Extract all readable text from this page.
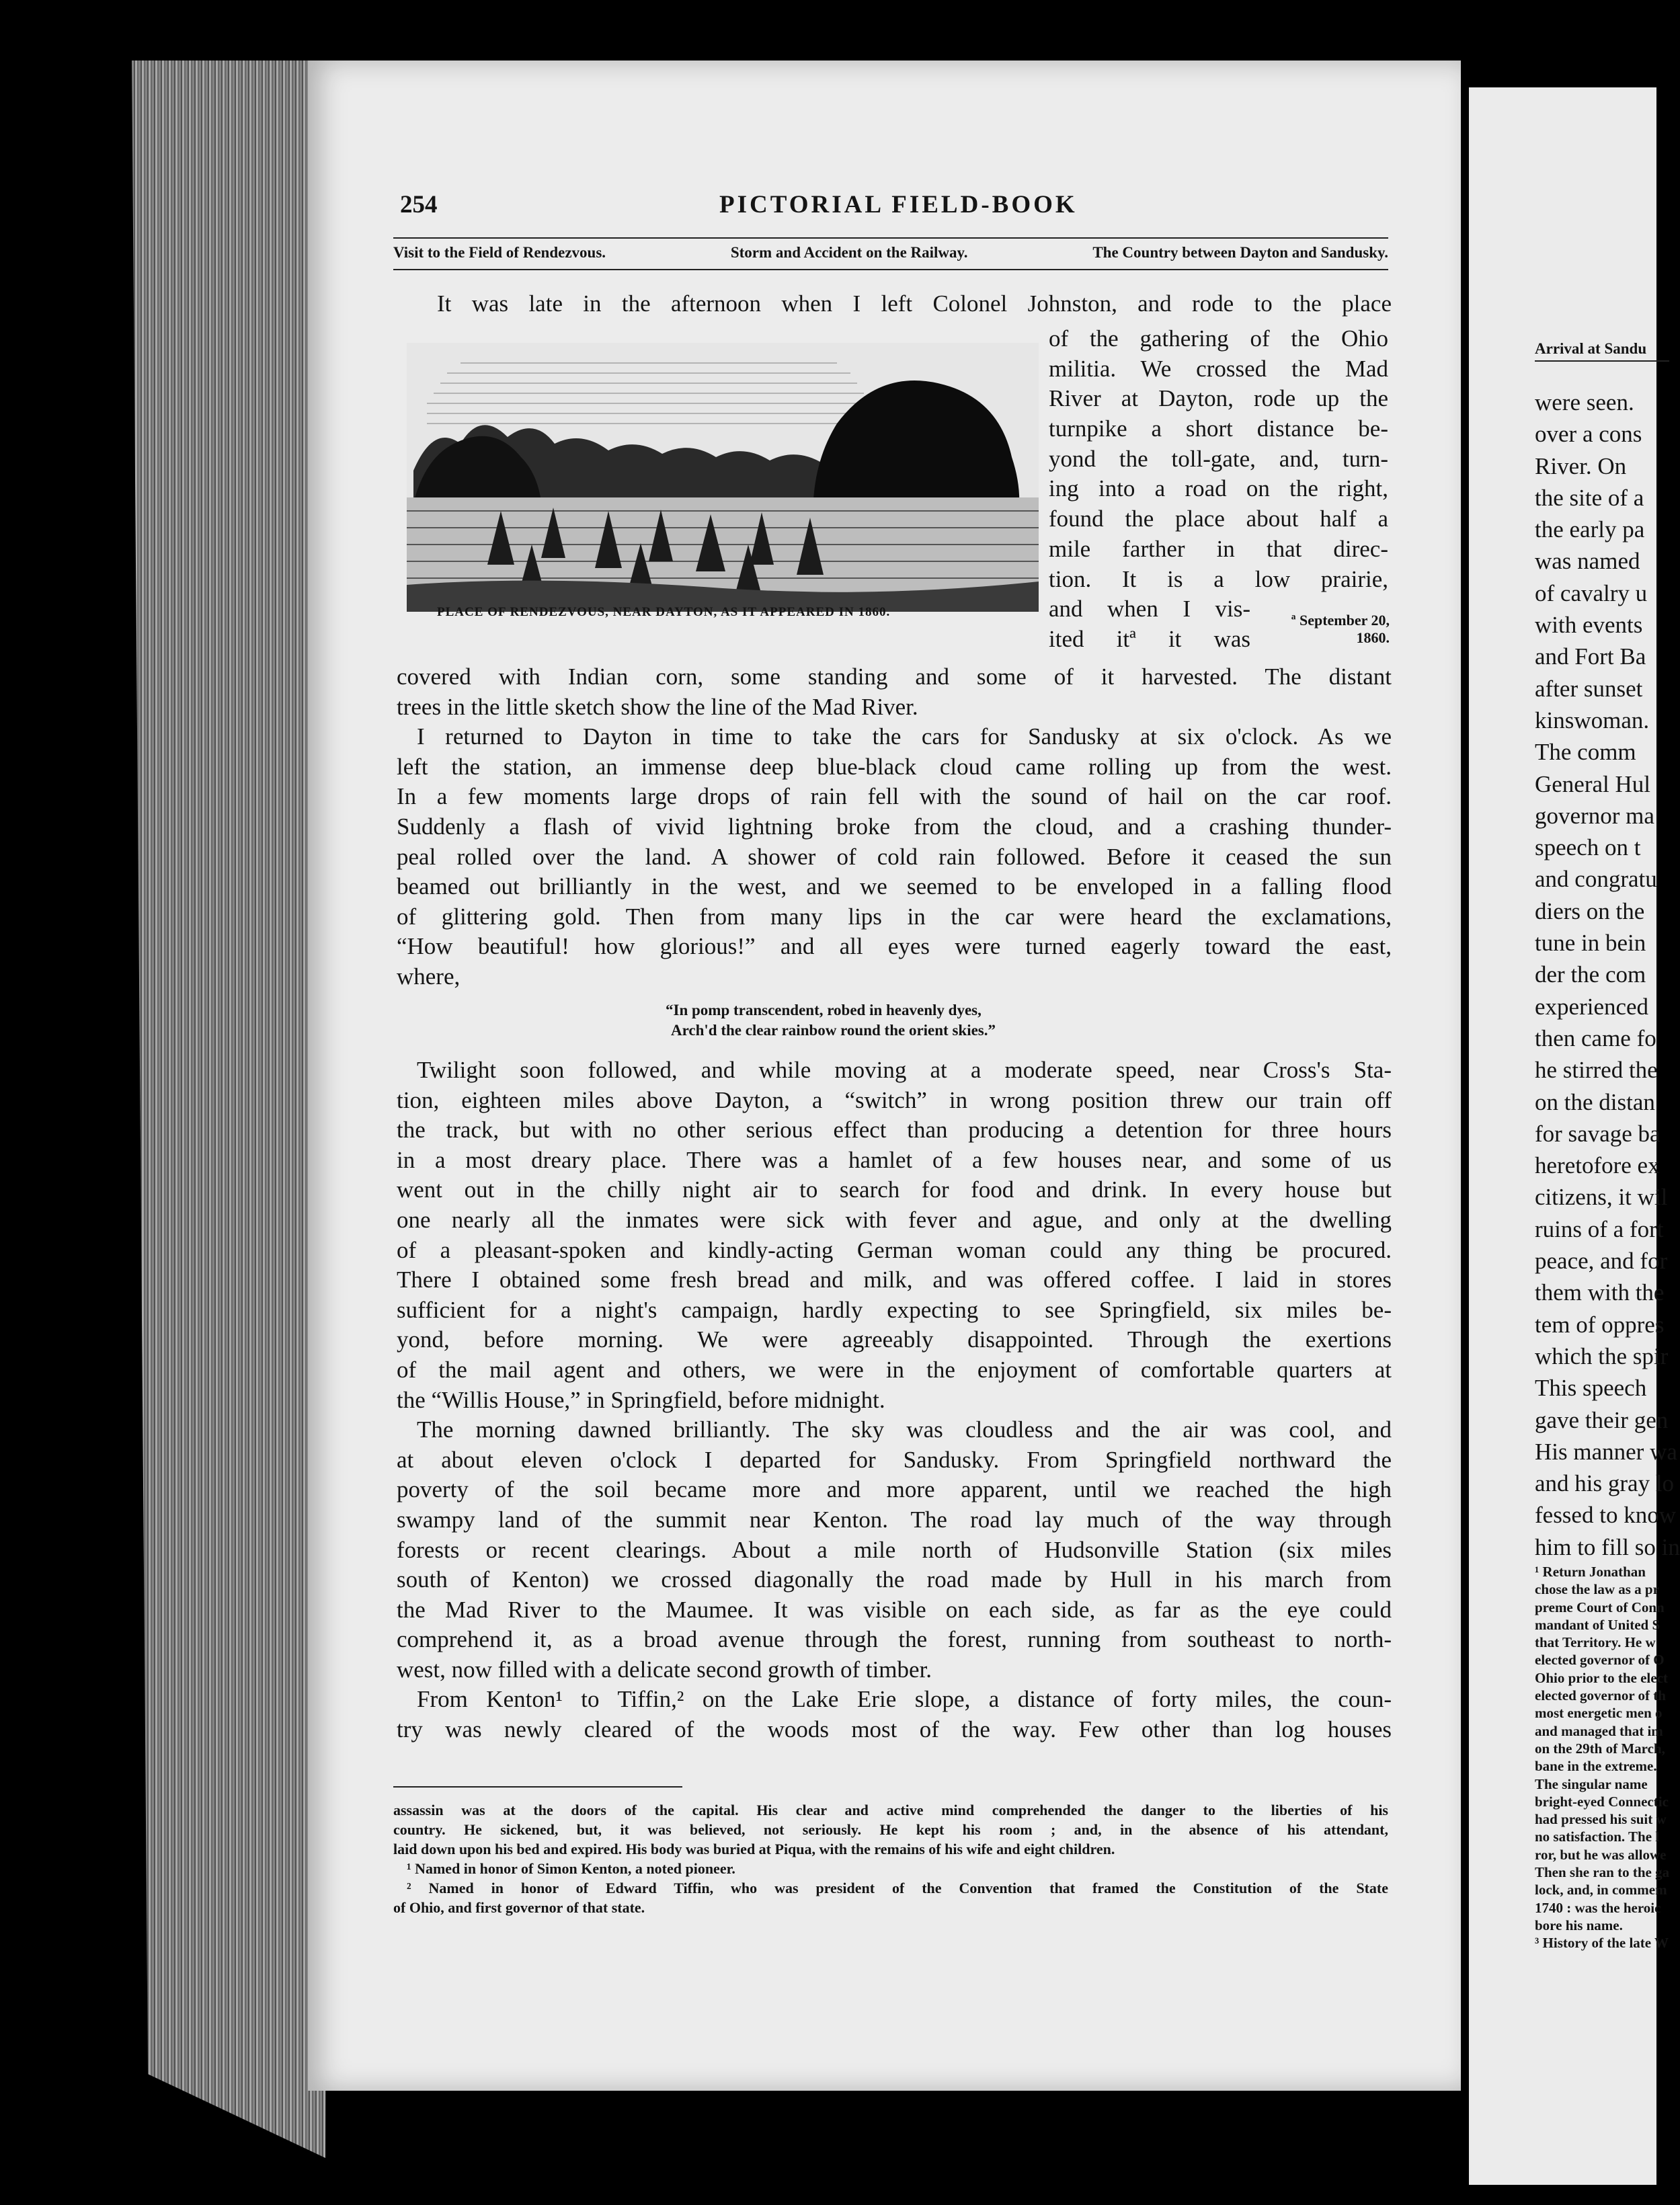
Arrival at Sandu
were seen.
over a cons
River. On
the site of a
the early pa
was named
of cavalry u
with events
and Fort Ba
after sunset
kinswoman.
The comm
General Hul
governor ma
speech on t
and congratu
diers on the
tune in bein
der the com
experienced
then came fo
he stirred the
on the distan
for savage ba
heretofore ex
citizens, it wil
ruins of a fort
peace, and for
them with the
tem of oppres
which the spir
This speech
gave their gen
His manner wa
and his gray lo
fessed to know
him to fill so in
¹ Return Jonathan
chose the law as a pr
preme Court of Conn
mandant of United S
that Territory. He w
elected governor of O
Ohio prior to the elect
elected governor of th
most energetic men o
and managed that im
on the 29th of March,
bane in the extreme.
The singular name
bright-eyed Connectic
had pressed his suit w
no satisfaction. The l
ror, but he was allowe
Then she ran to the ga
lock, and, in commem
1740 : was the heroic
bore his name.
³ History of the late W
254	PICTORIAL FIELD-BOOK
Visit to the Field of Rendezvous.	Storm and Accident on the Railway.	The Country between Dayton and Sandusky.
It was late in the afternoon when I left Colonel Johnston, and rode to the place
of the gathering of the Ohio
militia. We crossed the Mad
River at Dayton, rode up the
turnpike a short distance be-
yond the toll-gate, and, turn-
ing into a road on the right,
found the place about half a
mile farther in that direc-
tion. It is a low prairie,
and when I vis-
ited itª it was
PLACE OF RENDEZVOUS, NEAR DAYTON, AS IT APPEARED IN 1860.	ª September 20,
1860.
covered with Indian corn, some standing and some of it harvested. The distant
trees in the little sketch show the line of the Mad River.
I returned to Dayton in time to take the cars for Sandusky at six o'clock. As we
left the station, an immense deep blue-black cloud came rolling up from the west.
In a few moments large drops of rain fell with the sound of hail on the car roof.
Suddenly a flash of vivid lightning broke from the cloud, and a crashing thunder-
peal rolled over the land. A shower of cold rain followed. Before it ceased the sun
beamed out brilliantly in the west, and we seemed to be enveloped in a falling flood
of glittering gold. Then from many lips in the car were heard the exclamations,
“How beautiful! how glorious!” and all eyes were turned eagerly toward the east,
where,

“In pomp transcendent, robed in heavenly dyes,
Arch'd the clear rainbow round the orient skies.”

Twilight soon followed, and while moving at a moderate speed, near Cross's Sta-
tion, eighteen miles above Dayton, a “switch” in wrong position threw our train off
the track, but with no other serious effect than producing a detention for three hours
in a most dreary place. There was a hamlet of a few houses near, and some of us
went out in the chilly night air to search for food and drink. In every house but
one nearly all the inmates were sick with fever and ague, and only at the dwelling
of a pleasant-spoken and kindly-acting German woman could any thing be procured.
There I obtained some fresh bread and milk, and was offered coffee. I laid in stores
sufficient for a night's campaign, hardly expecting to see Springfield, six miles be-
yond, before morning. We were agreeably disappointed. Through the exertions
of the mail agent and others, we were in the enjoyment of comfortable quarters at
the “Willis House,” in Springfield, before midnight.
The morning dawned brilliantly. The sky was cloudless and the air was cool, and
at about eleven o'clock I departed for Sandusky. From Springfield northward the
poverty of the soil became more and more apparent, until we reached the high
swampy land of the summit near Kenton. The road lay much of the way through
forests or recent clearings. About a mile north of Hudsonville Station (six miles
south of Kenton) we crossed diagonally the road made by Hull in his march from
the Mad River to the Maumee. It was visible on each side, as far as the eye could
comprehend it, as a broad avenue through the forest, running from southeast to north-
west, now filled with a delicate second growth of timber.
From Kenton¹ to Tiffin,² on the Lake Erie slope, a distance of forty miles, the coun-
try was newly cleared of the woods most of the way. Few other than log houses
assassin was at the doors of the capital. His clear and active mind comprehended the danger to the liberties of his
country. He sickened, but, it was believed, not seriously. He kept his room ; and, in the absence of his attendant,
laid down upon his bed and expired. His body was buried at Piqua, with the remains of his wife and eight children.
¹ Named in honor of Simon Kenton, a noted pioneer.
² Named in honor of Edward Tiffin, who was president of the Convention that framed the Constitution of the State
of Ohio, and first governor of that state.
